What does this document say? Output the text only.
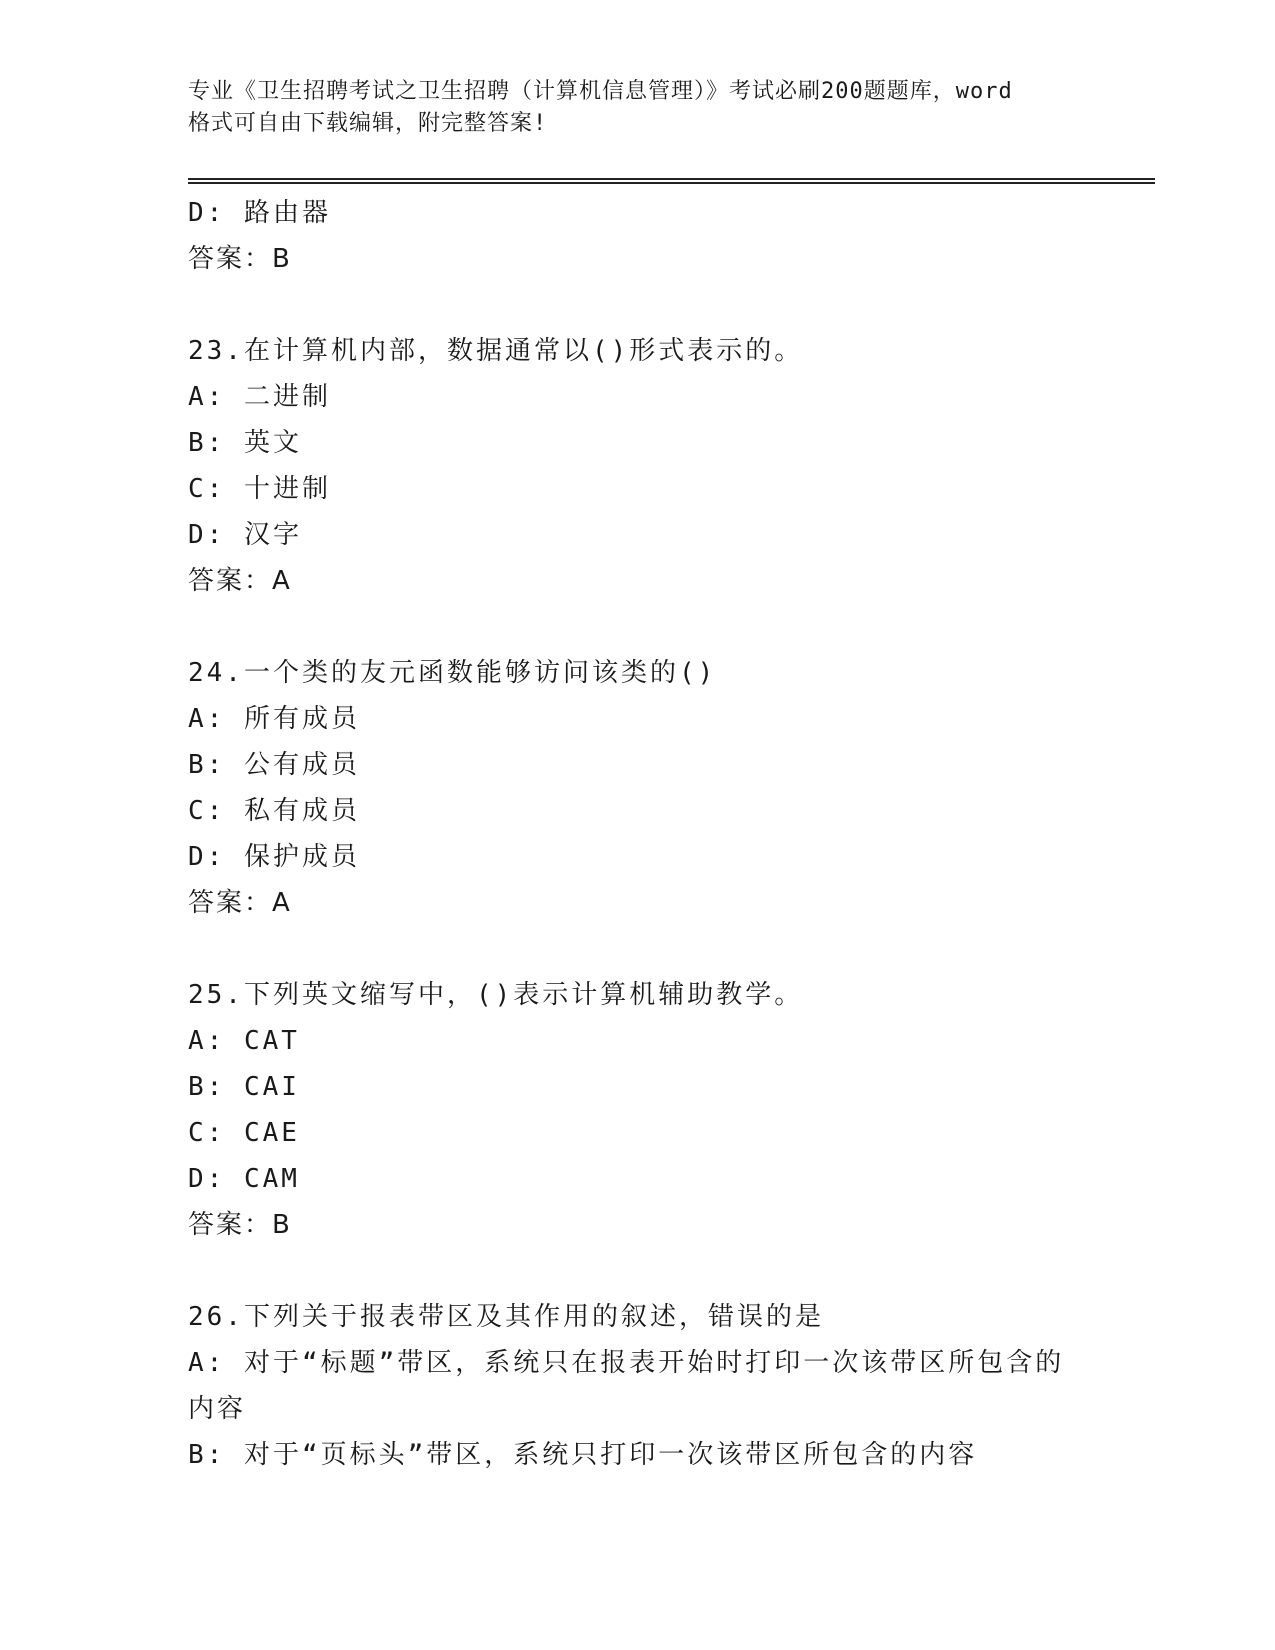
专业《卫生招聘考试之卫生招聘（计算机信息管理）》考试必刷200题题库，word
格式可自由下载编辑，附完整答案!
D: 路由器
答案：B
23.在计算机内部，数据通常以()形式表示的。
A: 二进制
B: 英文
C: 十进制
D: 汉字
答案：A
24.一个类的友元函数能够访问该类的()
A: 所有成员
B: 公有成员
C: 私有成员
D: 保护成员
答案：A
25.下列英文缩写中，()表示计算机辅助教学。
A: CAT
B: CAI
C: CAE
D: CAM
答案：B
26.下列关于报表带区及其作用的叙述，错误的是
A: 对于“标题”带区，系统只在报表开始时打印一次该带区所包含的
内容
B: 对于“页标头”带区，系统只打印一次该带区所包含的内容
